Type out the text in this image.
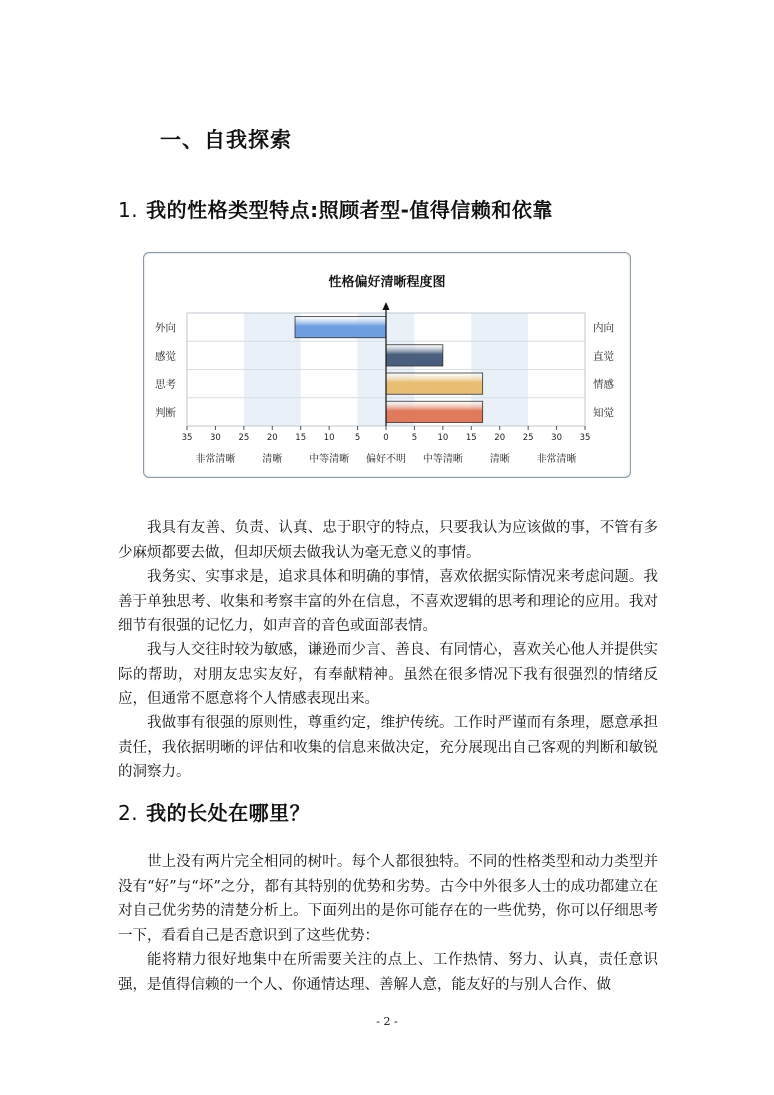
一、自我探索
1. 我的性格类型特点:照顾者型-值得信赖和依靠
性格偏好清晰程度图
外向
感觉
思考
判断
内向
直觉
情感
知觉
35 30 25 20 15 10 5	0	5 10 15 20 25 30 35
非常清晰	清晰	中等清晰 偏好不明 中等清晰	清晰	非常清晰

我具有友善、负责、认真、忠于职守的特点，只要我认为应该做的事，不管有多少麻烦都要去做，但却厌烦去做我认为毫无意义的事情。

我务实、实事求是，追求具体和明确的事情，喜欢依据实际情况来考虑问题。我善于单独思考、收集和考察丰富的外在信息，不喜欢逻辑的思考和理论的应用。我对细节有很强的记忆力，如声音的音色或面部表情。

我与人交往时较为敏感，谦逊而少言、善良、有同情心，喜欢关心他人并提供实际的帮助，对朋友忠实友好，有奉献精神。虽然在很多情况下我有很强烈的情绪反应，但通常不愿意将个人情感表现出来。

我做事有很强的原则性，尊重约定，维护传统。工作时严谨而有条理，愿意承担责任，我依据明晰的评估和收集的信息来做决定，充分展现出自己客观的判断和敏锐的洞察力。

2. 我的长处在哪里？

世上没有两片完全相同的树叶。每个人都很独特。不同的性格类型和动力类型并没有“好”与“坏”之分，都有其特别的优势和劣势。古今中外很多人士的成功都建立在对自己优劣势的清楚分析上。下面列出的是你可能存在的一些优势，你可以仔细思考一下，看看自己是否意识到了这些优势：

能将精力很好地集中在所需要关注的点上、工作热情、努力、认真，责任意识强，是值得信赖的一个人、你通情达理、善解人意，能友好的与别人合作、做

- 2 -
